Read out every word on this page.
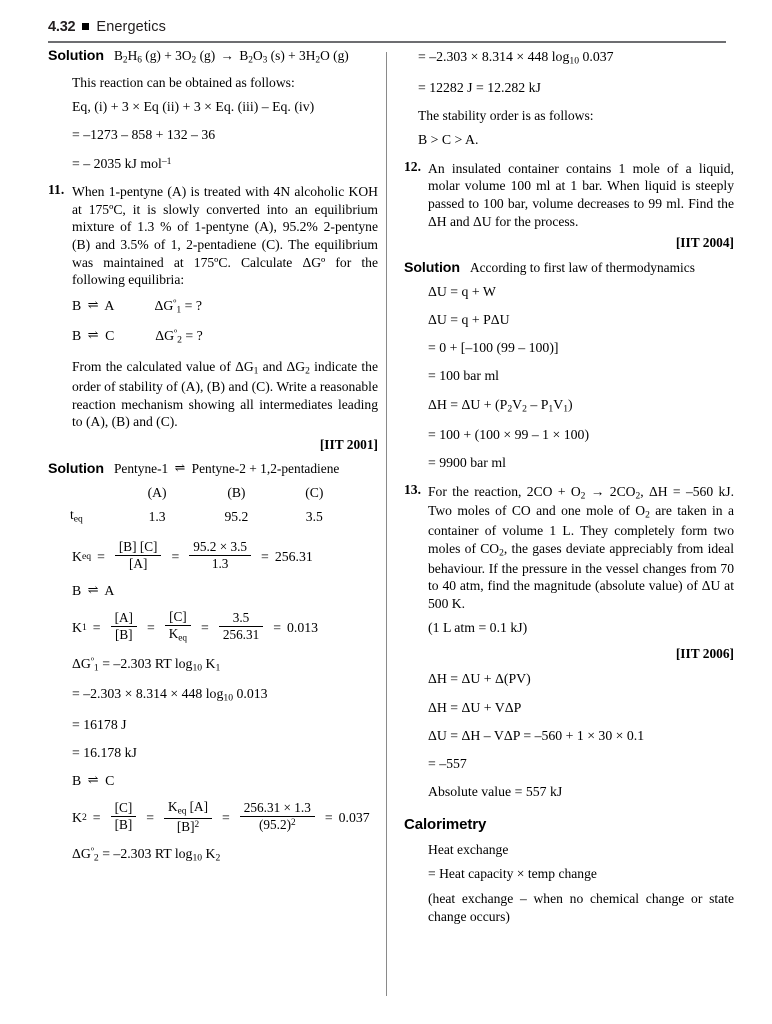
4.32 Energetics
Solution $B_2H_6$ $(g) + 3O_2$ $(g) \to B_2O_3$ $(s) + 3H_2O$ (g)
This reaction can be obtained as follows:
Eq, (i) + 3 × Eq (ii) + 3 × Eq. (iii) – Eq. (iv)
= –1273 – 858 + 132 – 36
= – 2035 kJ mol$^{-1}$
11. When 1-pentyne (A) is treated with 4N alcoholic KOH at 175ºC, it is slowly converted into an equilibrium mixture of 1.3 % of 1-pentyne (A), 95.2% 2-pentyne (B) and 3.5% of 1, 2-pentadiene (C). The equilibrium was maintained at 175ºC. Calculate ΔGº for the following equilibria:
B ⇌ A	$\Delta G^º_1$ = ?
B ⇌ C	$\Delta G^º_2$ = ?
From the calculated value of $\Delta G_1$ and $\Delta G_2$ indicate the order of stability of (A), (B) and (C). Write a reasonable reaction mechanism showing all intermediates leading to (A), (B) and (C).
[IIT 2001]
Solution Pentyne-1 ⇌ Pentyne-2 + 1,2-pentadiene
	(A)	(B)	(C)
$t_{eq}$	1.3	95.2	3.5
K eq = $\frac{[B] [C]}{[A]} = \frac{95.2 \times 3.5}{1.3} = 256.31$
B ⇌ A
K $1 = \frac{[A]}{[B]} = \frac{[C]}{K_{eq}} = \frac{3.5}{256.31} = 0.013$
$\Delta G^º_1 = -2.303$ RT $\log_{10} K_1$
= –2.303 × 8.314 × 448 $\log_{10} 0.013$
= 16178 J
= 16.178 kJ
B ⇌ C
K $2 = \frac{[C]}{[B]} = \frac{K_{eq} [A]}{[B]^2} = \frac{256.31 \times 1.3}{(95.2)^2} = 0.037$
$\Delta G^º_2 = -2.303$ RT $\log_{10} K_2$
= –2.303 × 8.314 × 448 $\log_{10} 0.037$
= 12282 J = 12.282 kJ
The stability order is as follows:
B > C > A.
12. An insulated container contains 1 mole of a liquid, molar volume 100 ml at 1 bar. When liquid is steeply passed to 100 bar, volume decreases to 99 ml. Find the ΔH and ΔU for the process.
[IIT 2004]
Solution According to first law of thermodynamics
ΔU = q + W
ΔU = q + PΔU
= 0 + [–100 (99 – 100)]
= 100 bar ml
$\Delta H = \Delta U + (P_2V_2 - P_1V_1)$
= 100 + (100 × 99 – 1 × 100)
= 9900 bar ml
13. For the reaction, $2CO + O_2 \to 2CO_2$, ΔH = –560 kJ. Two moles of CO and one mole of $O_2$ are taken in a container of volume 1 L. They completely form two moles of $CO_2$, the gases deviate appreciably from ideal behaviour. If the pressure in the vessel changes from 70 to 40 atm, find the magnitude (absolute value) of ΔU at 500 K.
(1 L atm = 0.1 kJ)
[IIT 2006]
ΔH = ΔU + Δ(PV)
ΔH = ΔU + VΔP
ΔU = ΔH – VΔP = –560 + 1 × 30 × 0.1
= –557
Absolute value = 557 kJ
Calorimetry
Heat exchange
= Heat capacity × temp change
(heat exchange – when no chemical change or state change occurs)
